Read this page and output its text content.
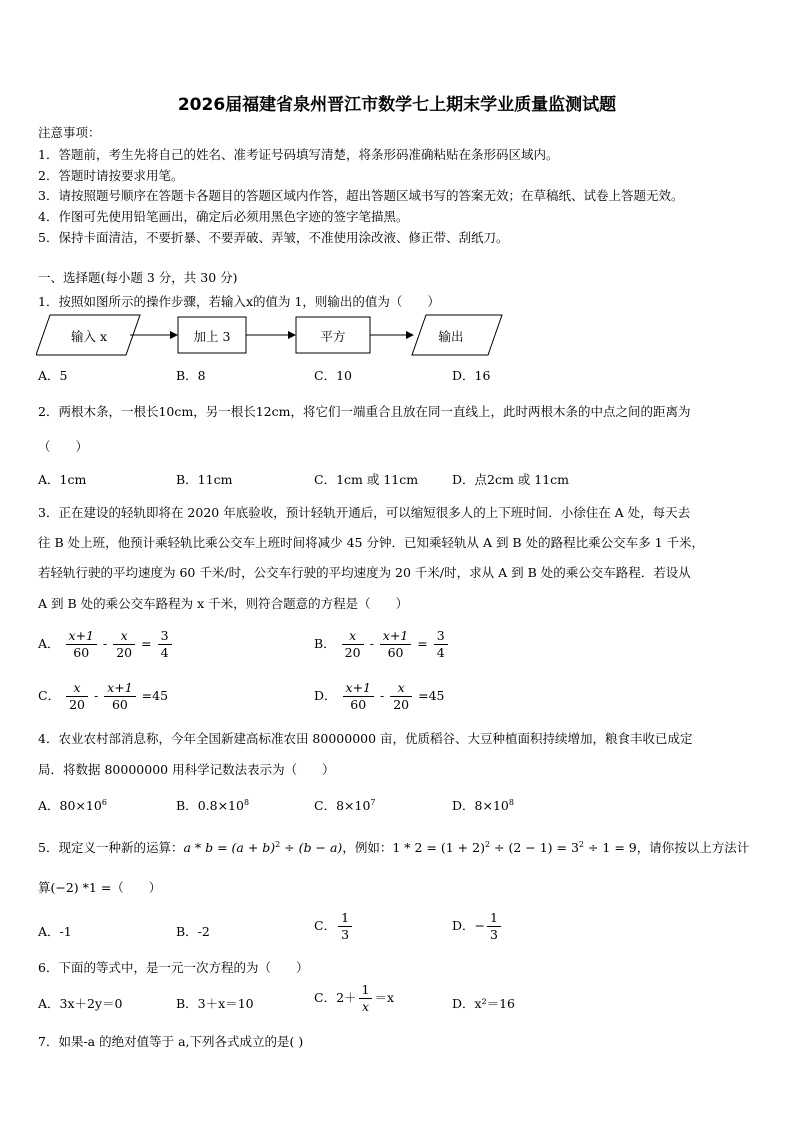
2026届福建省泉州晋江市数学七上期末学业质量监测试题
注意事项：
1．答题前，考生先将自己的姓名、准考证号码填写清楚，将条形码准确粘贴在条形码区域内。
2．答题时请按要求用笔。
3．请按照题号顺序在答题卡各题目的答题区域内作答，超出答题区域书写的答案无效；在草稿纸、试卷上答题无效。
4．作图可先使用铅笔画出，确定后必须用黑色字迹的签字笔描黑。
5．保持卡面清洁，不要折暴、不要弄破、弄皱，不准使用涂改液、修正带、刮纸刀。
一、选择题(每小题 3 分，共 30 分)
1．按照如图所示的操作步骤，若输入x的值为 1，则输出的值为（　　）
输入 x	加上 3	平方	输出
A．5	B．8	C．10	D．16
2．两根木条，一根长10cm，另一根长12cm，将它们一端重合且放在同一直线上，此时两根木条的中点之间的距离为
（　　）
A．1cm	B．11cm	C．1cm 或 11cm	D．点2cm 或 11cm
3．正在建设的轻轨即将在 2020 年底验收，预计轻轨开通后，可以缩短很多人的上下班时间．小徐住在 A 处，每天去
往 B 处上班，他预计乘轻轨比乘公交车上班时间将减少 45 分钟．已知乘轻轨从 A 到 B 处的路程比乘公交车多 1 千米，
若轻轨行驶的平均速度为 60 千米/时，公交车行驶的平均速度为 20 千米/时，求从 A 到 B 处的乘公交车路程．若设从
A 到 B 处的乘公交车路程为 x 千米，则符合题意的方程是（　　）
A． $\frac{x+1}{60} - \frac{x}{20} = \frac{3}{4}$	B． $\frac{x}{20} - \frac{x+1}{60} = \frac{3}{4}$
C． $\frac{x}{20} - \frac{x+1}{60} =45$	D． $\frac{x+1}{60} - \frac{x}{20} =45$
4．农业农村部消息称，今年全国新建高标准农田 80000000 亩，优质稻谷、大豆种植面积持续增加，粮食丰收已成定
局．将数据 80000000 用科学记数法表示为（　　）
A．$80\times 10^6$	B．$0.8\times 10^8$	C．$8\times 10^7$	D．$8\times 10^8$
5．现定义一种新的运算：$a * b = (a + b)^2 \div (b - a)$，例如：$1 * 2 = (1 + 2)^2 \div (2 - 1) = 3^2 \div 1 = 9$，请你按以上方法计
算(−2) *1 =（　　）
A．-1	B．-2	C． $\frac{1}{3}$	D．− $\frac{1}{3}$
6．下面的等式中，是一元一次方程的为（　　）
A．3x＋2y＝0	B．3＋x＝10	C．$2+ \frac{1}{x} =x$	D．x²＝16
7．如果-a 的绝对值等于 a,下列各式成立的是( )
